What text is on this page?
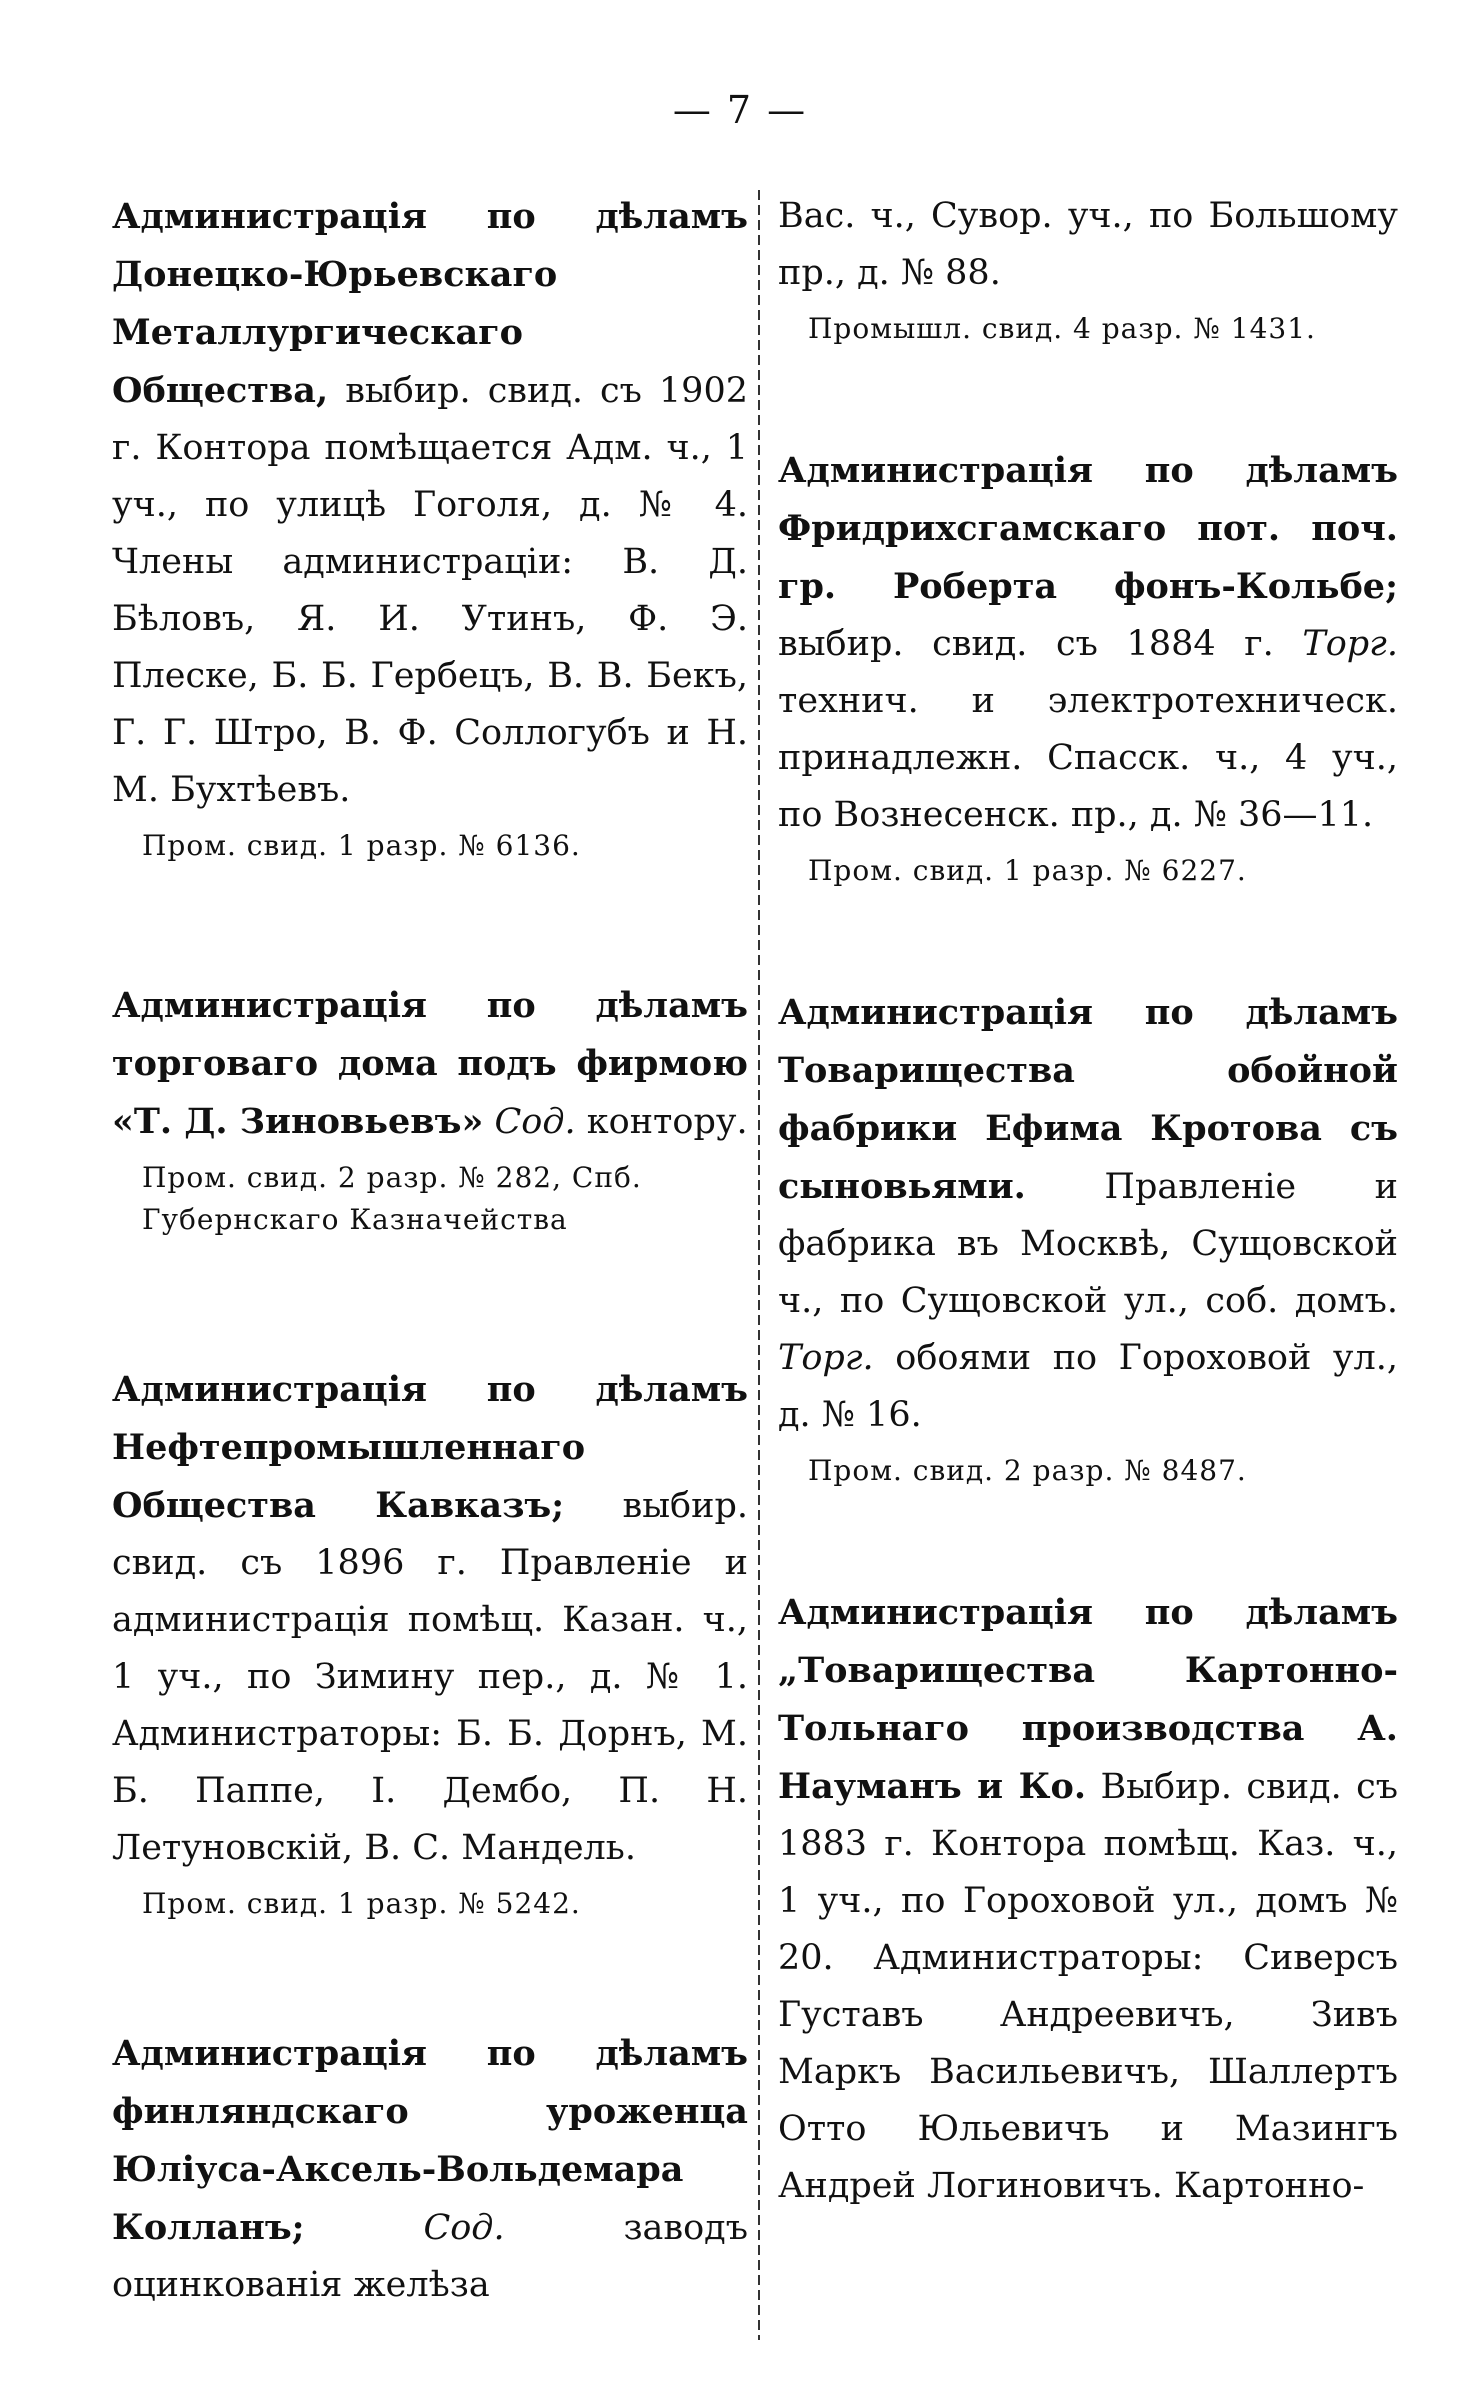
— 7 —
Администрація по дѣламъ Донецко-Юрьевскаго Металлургическаго Общества, выбир. свид. съ 1902 г. Контора помѣщается Адм. ч., 1 уч., по улицѣ Гоголя, д. № 4. Члены администраціи: В. Д. Бѣловъ, Я. И. Утинъ, Ф. Э. Плеске, Б. Б. Гербецъ, В. В. Бекъ, Г. Г. Штро, В. Ф. Соллогубъ и Н. М. Бухтѣевъ.
Пром. свид. 1 разр. № 6136.
Администрація по дѣламъ торговаго дома подъ фирмою «Т. Д. Зиновьевъ» Сод. контору.
Пром. свид. 2 разр. № 282, Спб.
Губернскаго Казначейства
Администрація по дѣламъ Нефтепромышленнаго Общества Кавказъ; выбир. свид. съ 1896 г. Правленіе и администрація помѣщ. Казан. ч., 1 уч., по Зимину пер., д. № 1. Администраторы: Б. Б. Дорнъ, М. Б. Паппе, І. Дембо, П. Н. Летуновскій, В. С. Мандель.
Пром. свид. 1 разр. № 5242.
Администрація по дѣламъ финляндскаго уроженца Юліуса-Аксель-Вольдемара Колланъ;	Сод.	заводъ оцинкованія желѣза
Вас. ч., Сувор. уч., по Большому пр., д. № 88.
Промышл. свид. 4 разр. № 1431.
Администрація по дѣламъ Фридрихсгамскаго пот. поч. гр. Роберта фонъ-Кольбе; выбир. свид. съ 1884 г. Торг. технич. и электротехническ. принадлежн. Спасск. ч., 4 уч., по Вознесенск. пр., д. № 36—11.
Пром. свид. 1 разр. № 6227.
Администрація по дѣламъ Товарищества обойной фабрики Ефима Кротова съ сыновьями. Правленіе и фабрика въ Москвѣ, Сущовской ч., по Сущовской ул., соб. домъ. Торг. обоями по Гороховой ул., д. № 16.
Пром. свид. 2 разр. № 8487.
Администрація по дѣламъ „Товарищества Картонно-Тольнаго производства А. Науманъ и Ко. Выбир. свид. съ 1883 г. Контора помѣщ. Каз. ч., 1 уч., по Гороховой ул., домъ № 20. Администраторы: Сиверсъ Густавъ Андреевичъ, Зивъ Маркъ Васильевичъ, Шаллертъ Отто Юльевичъ и Мазингъ Андрей Логиновичъ. Картонно-
